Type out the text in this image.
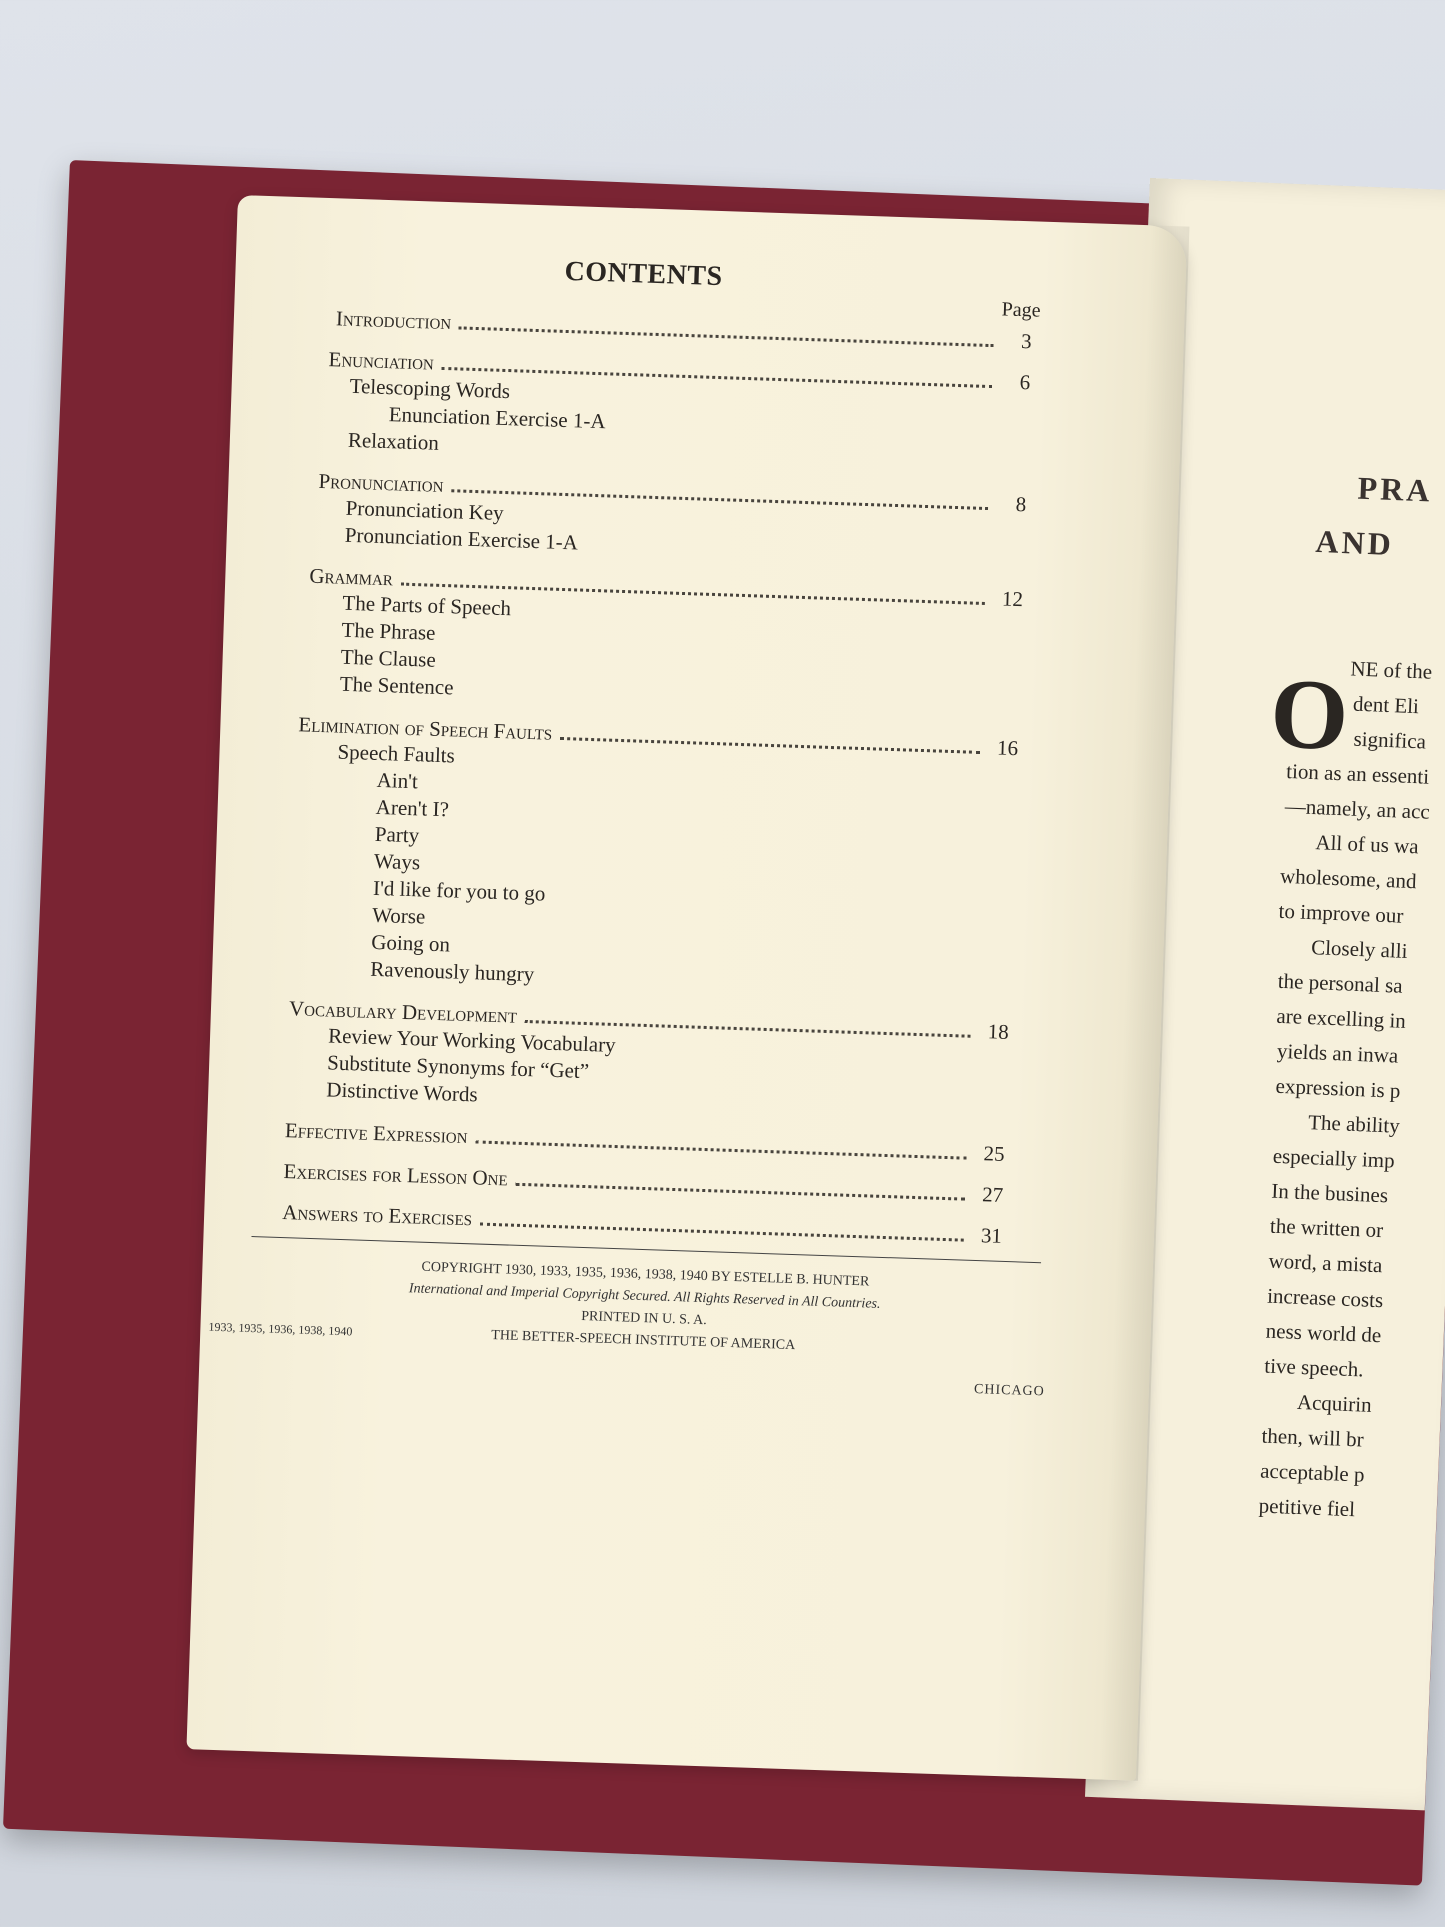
PRA
AND
O NE of the
dent Eli
significa
tion as an essenti
—namely, an acc
All of us wa
wholesome, and
to improve our
Closely alli
the personal sa
are excelling in
yields an inwa
expression is p
The ability
especially imp
In the busines
the written or
word, a mista
increase costs
ness world de
tive speech.
Acquirin
then, will br
acceptable p
petitive fiel
CONTENTS
Page
Introduction
3
Enunciation
6
Telescoping Words
Enunciation Exercise 1-A
Relaxation
Pronunciation
8
Pronunciation Key
Pronunciation Exercise 1-A
Grammar
12
The Parts of Speech
The Phrase
The Clause
The Sentence
Elimination of Speech Faults
16
Speech Faults
Ain't
Aren't I?
Party
Ways
I'd like for you to go
Worse
Going on
Ravenously hungry
Vocabulary Development
18
Review Your Working Vocabulary
Substitute Synonyms for “Get”
Distinctive Words
Effective Expression
25
Exercises for Lesson One
27
Answers to Exercises
31
COPYRIGHT 1930, 1933, 1935, 1936, 1938, 1940 BY ESTELLE B. HUNTER
International and Imperial Copyright Secured. All Rights Reserved in All Countries.
PRINTED IN U. S. A.
1933, 1935, 1936, 1938, 1940	THE BETTER-SPEECH INSTITUTE OF AMERICA
CHICAGO
